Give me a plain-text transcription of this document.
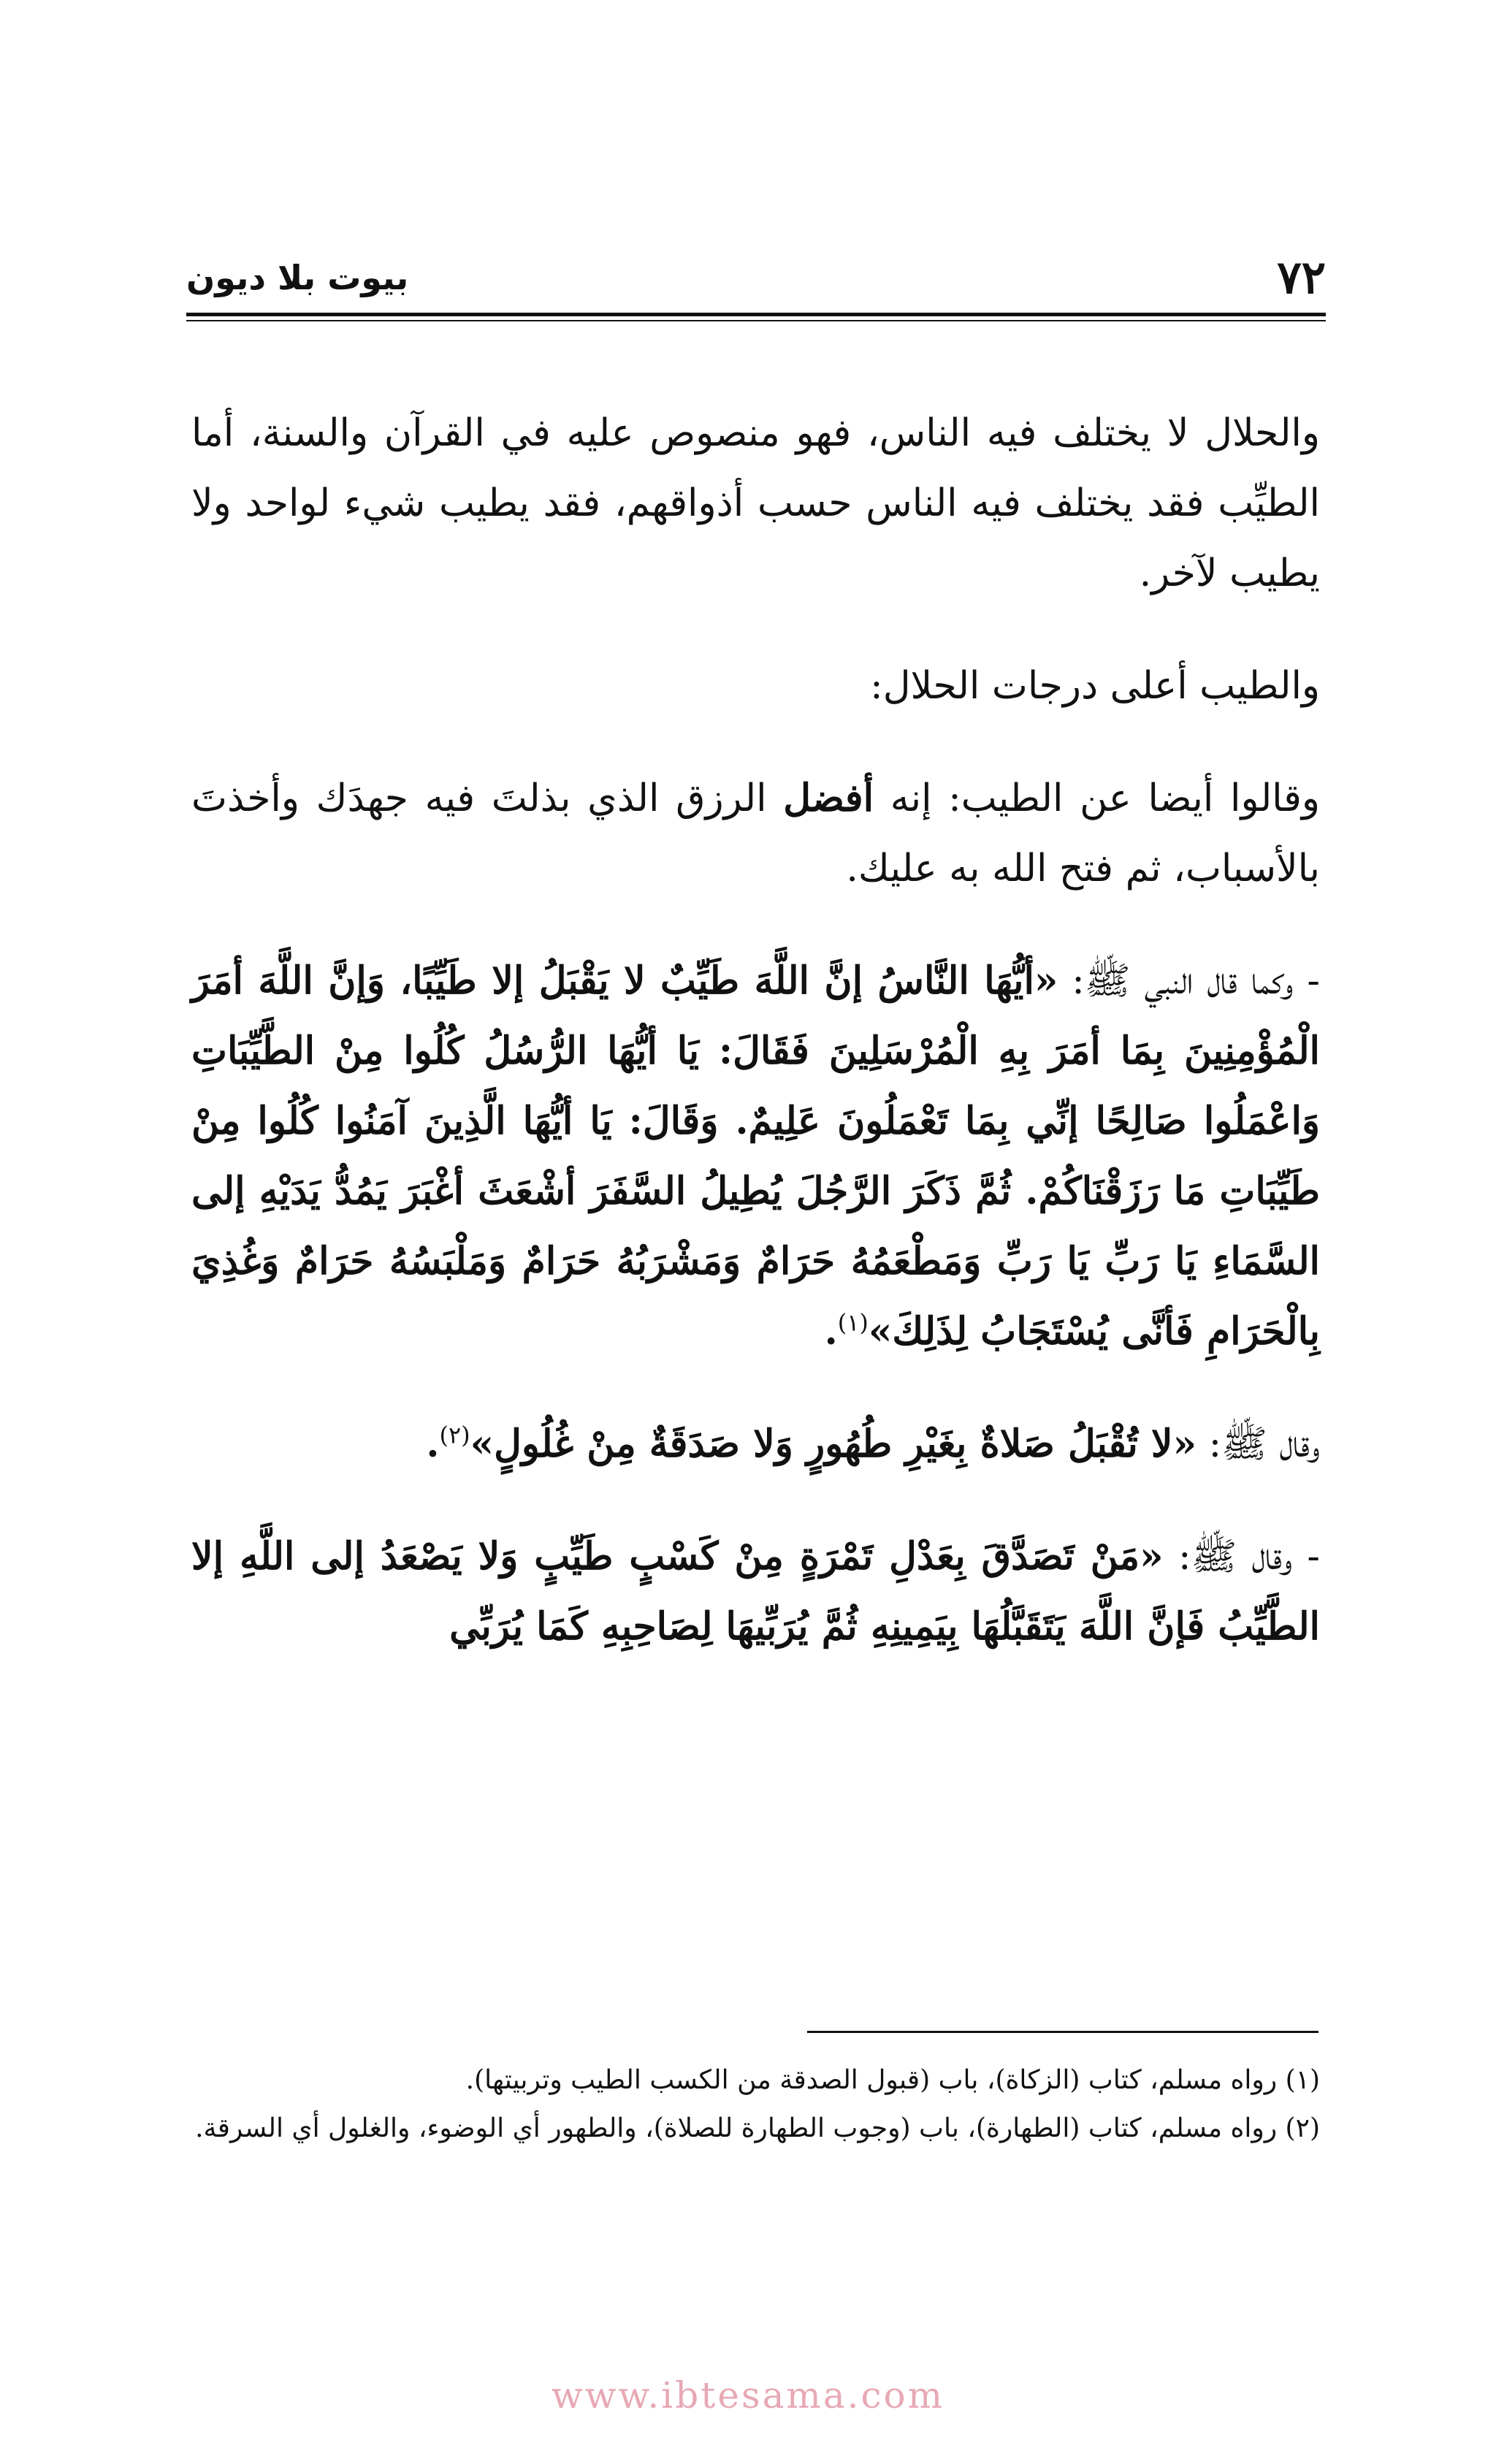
٧٢
بيوت بلا ديون

والحلال لا يختلف فيه الناس، فهو منصوص عليه في القرآن والسنة، أما الطيِّب فقد يختلف فيه الناس حسب أذواقهم، فقد يطيب شيء لواحد ولا يطيب لآخر.

والطيب أعلى درجات الحلال:

وقالوا أيضا عن الطيب: إنه أفضل الرزق الذي بذلتَ فيه جهدَك وأخذتَ بالأسباب، ثم فتح الله به عليك.

- وكما قال النبي ﷺ: «أيُّهَا النَّاسُ إنَّ اللَّهَ طَيِّبٌ لا يَقْبَلُ إلا طَيِّبًا، وَإنَّ اللَّهَ أمَرَ الْمُؤْمِنِينَ بِمَا أمَرَ بِهِ الْمُرْسَلِينَ فَقَالَ: يَا أيُّهَا الرُّسُلُ كُلُوا مِنْ الطَّيِّبَاتِ وَاعْمَلُوا صَالِحًا إنِّي بِمَا تَعْمَلُونَ عَلِيمٌ. وَقَالَ: يَا أيُّهَا الَّذِينَ آمَنُوا كُلُوا مِنْ طَيِّبَاتِ مَا رَزَقْنَاكُمْ. ثُمَّ ذَكَرَ الرَّجُلَ يُطِيلُ السَّفَرَ أشْعَثَ أغْبَرَ يَمُدُّ يَدَيْهِ إلى السَّمَاءِ يَا رَبِّ يَا رَبِّ وَمَطْعَمُهُ حَرَامٌ وَمَشْرَبُهُ حَرَامٌ وَمَلْبَسُهُ حَرَامٌ وَغُذِيَ بِالْحَرَامِ فَأنَّى يُسْتَجَابُ لِذَلِكَ»$^{(١)}$.

وقال ﷺ: «لا تُقْبَلُ صَلاةٌ بِغَيْرِ طُهُورٍ وَلا صَدَقَةٌ مِنْ غُلُولٍ»$^{(٢)}$.

- وقال ﷺ: «مَنْ تَصَدَّقَ بِعَدْلِ تَمْرَةٍ مِنْ كَسْبٍ طَيِّبٍ وَلا يَصْعَدُ إلى اللَّهِ إلا الطَّيِّبُ فَإنَّ اللَّهَ يَتَقَبَّلُهَا بِيَمِينِهِ ثُمَّ يُرَبِّيهَا لِصَاحِبِهِ كَمَا يُرَبِّي

(١) رواه مسلم، كتاب (الزكاة)، باب (قبول الصدقة من الكسب الطيب وتربيتها).

(٢) رواه مسلم، كتاب (الطهارة)، باب (وجوب الطهارة للصلاة)، والطهور أي الوضوء، والغلول أي السرقة.

www.ibtesama.com
